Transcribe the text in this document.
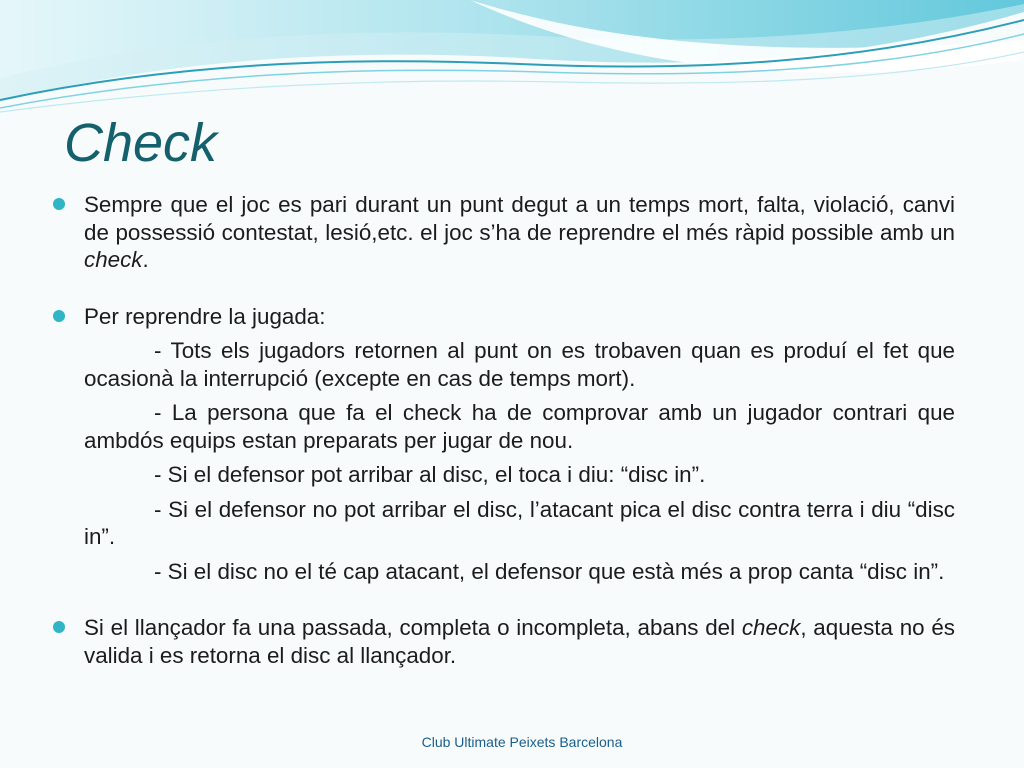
Check

Sempre que el joc es pari durant un punt degut a un temps mort, falta, violació, canvi de possessió contestat, lesió,etc. el joc s’ha de reprendre el més ràpid possible amb un check.

Per reprendre la jugada:
- Tots els jugadors retornen al punt on es trobaven quan es produí el fet que ocasionà la interrupció (excepte en cas de temps mort).
- La persona que fa el check ha de comprovar amb un jugador contrari que ambdós equips estan preparats per jugar de nou.
- Si el defensor pot arribar al disc, el toca i diu: “disc in”.
- Si el defensor no pot arribar el disc, l’atacant pica el disc contra terra i diu “disc in”.
- Si el disc no el té cap atacant, el defensor que està més a prop canta “disc in”.

Si el llançador fa una passada, completa o incompleta, abans del check, aquesta no és valida i es retorna el disc al llançador.

Club Ultimate Peixets Barcelona
